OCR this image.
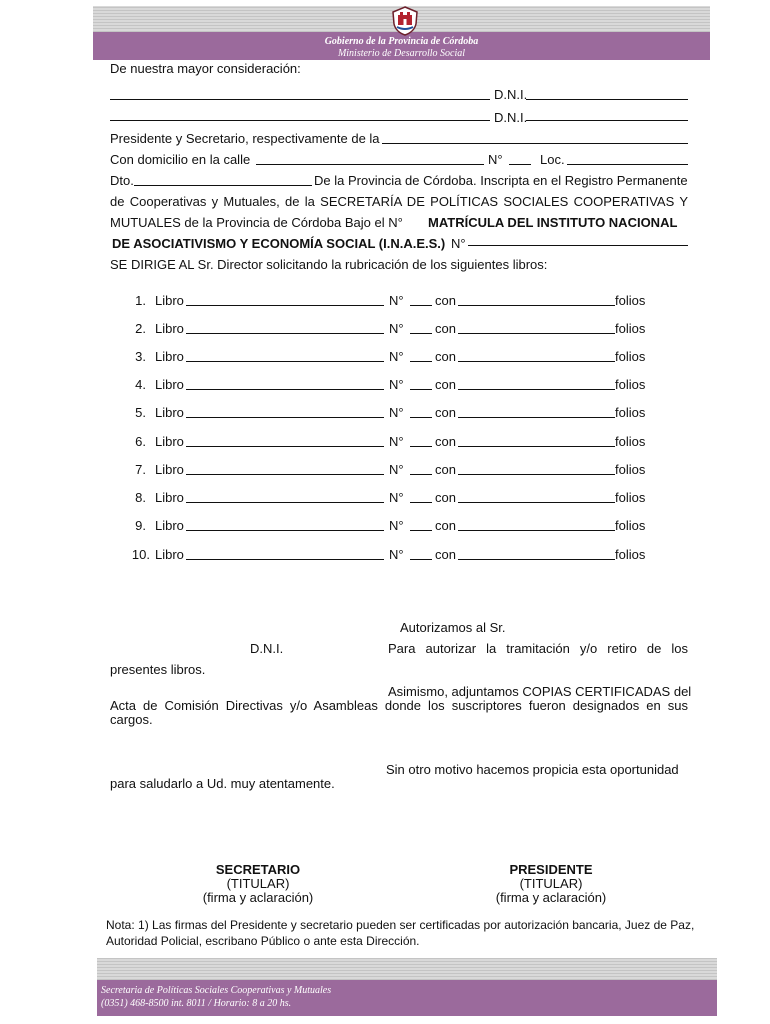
Gobierno de la Provincia de Córdoba
Ministerio de Desarrollo Social
De nuestra mayor consideración:
D.N.I.
D.N.I.
Presidente y Secretario, respectivamente de la
Con domicilio en la calle	N°	Loc.
Dto.	De la Provincia de Córdoba. Inscripta en el Registro Permanente
de Cooperativas y Mutuales, de la SECRETARÍA DE POLÍTICAS SOCIALES COOPERATIVAS Y
MUTUALES de la Provincia de Córdoba Bajo el N° MATRÍCULA DEL INSTITUTO NACIONAL
DE ASOCIATIVISMO Y ECONOMÍA SOCIAL (I.N.A.E.S.) N°
SE DIRIGE AL Sr. Director solicitando la rubricación de los siguientes libros:
1. Libro	N° con	folios
2. Libro	N° con	folios
3. Libro	N° con	folios
4. Libro	N° con	folios
5. Libro	N° con	folios
6. Libro	N° con	folios
7. Libro	N° con	folios
8. Libro	N° con	folios
9. Libro	N° con	folios
10. Libro	N° con	folios
Autorizamos al Sr.
D.N.I.	Para autorizar la tramitación y/o retiro de los
presentes libros.
Asimismo, adjuntamos COPIAS CERTIFICADAS del
Acta de Comisión Directivas y/o Asambleas donde los suscriptores fueron designados en sus
cargos.
Sin otro motivo hacemos propicia esta oportunidad
para saludarlo a Ud. muy atentamente.
SECRETARIO
(TITULAR)
(firma y aclaración)
PRESIDENTE
(TITULAR)
(firma y aclaración)
Nota: 1) Las firmas del Presidente y secretario pueden ser certificadas por autorización bancaria, Juez de Paz,
Autoridad Policial, escribano Público o ante esta Dirección.
Secretaria de Políticas Sociales Cooperativas y Mutuales
(0351) 468-8500 int. 8011 / Horario: 8 a 20 hs.
